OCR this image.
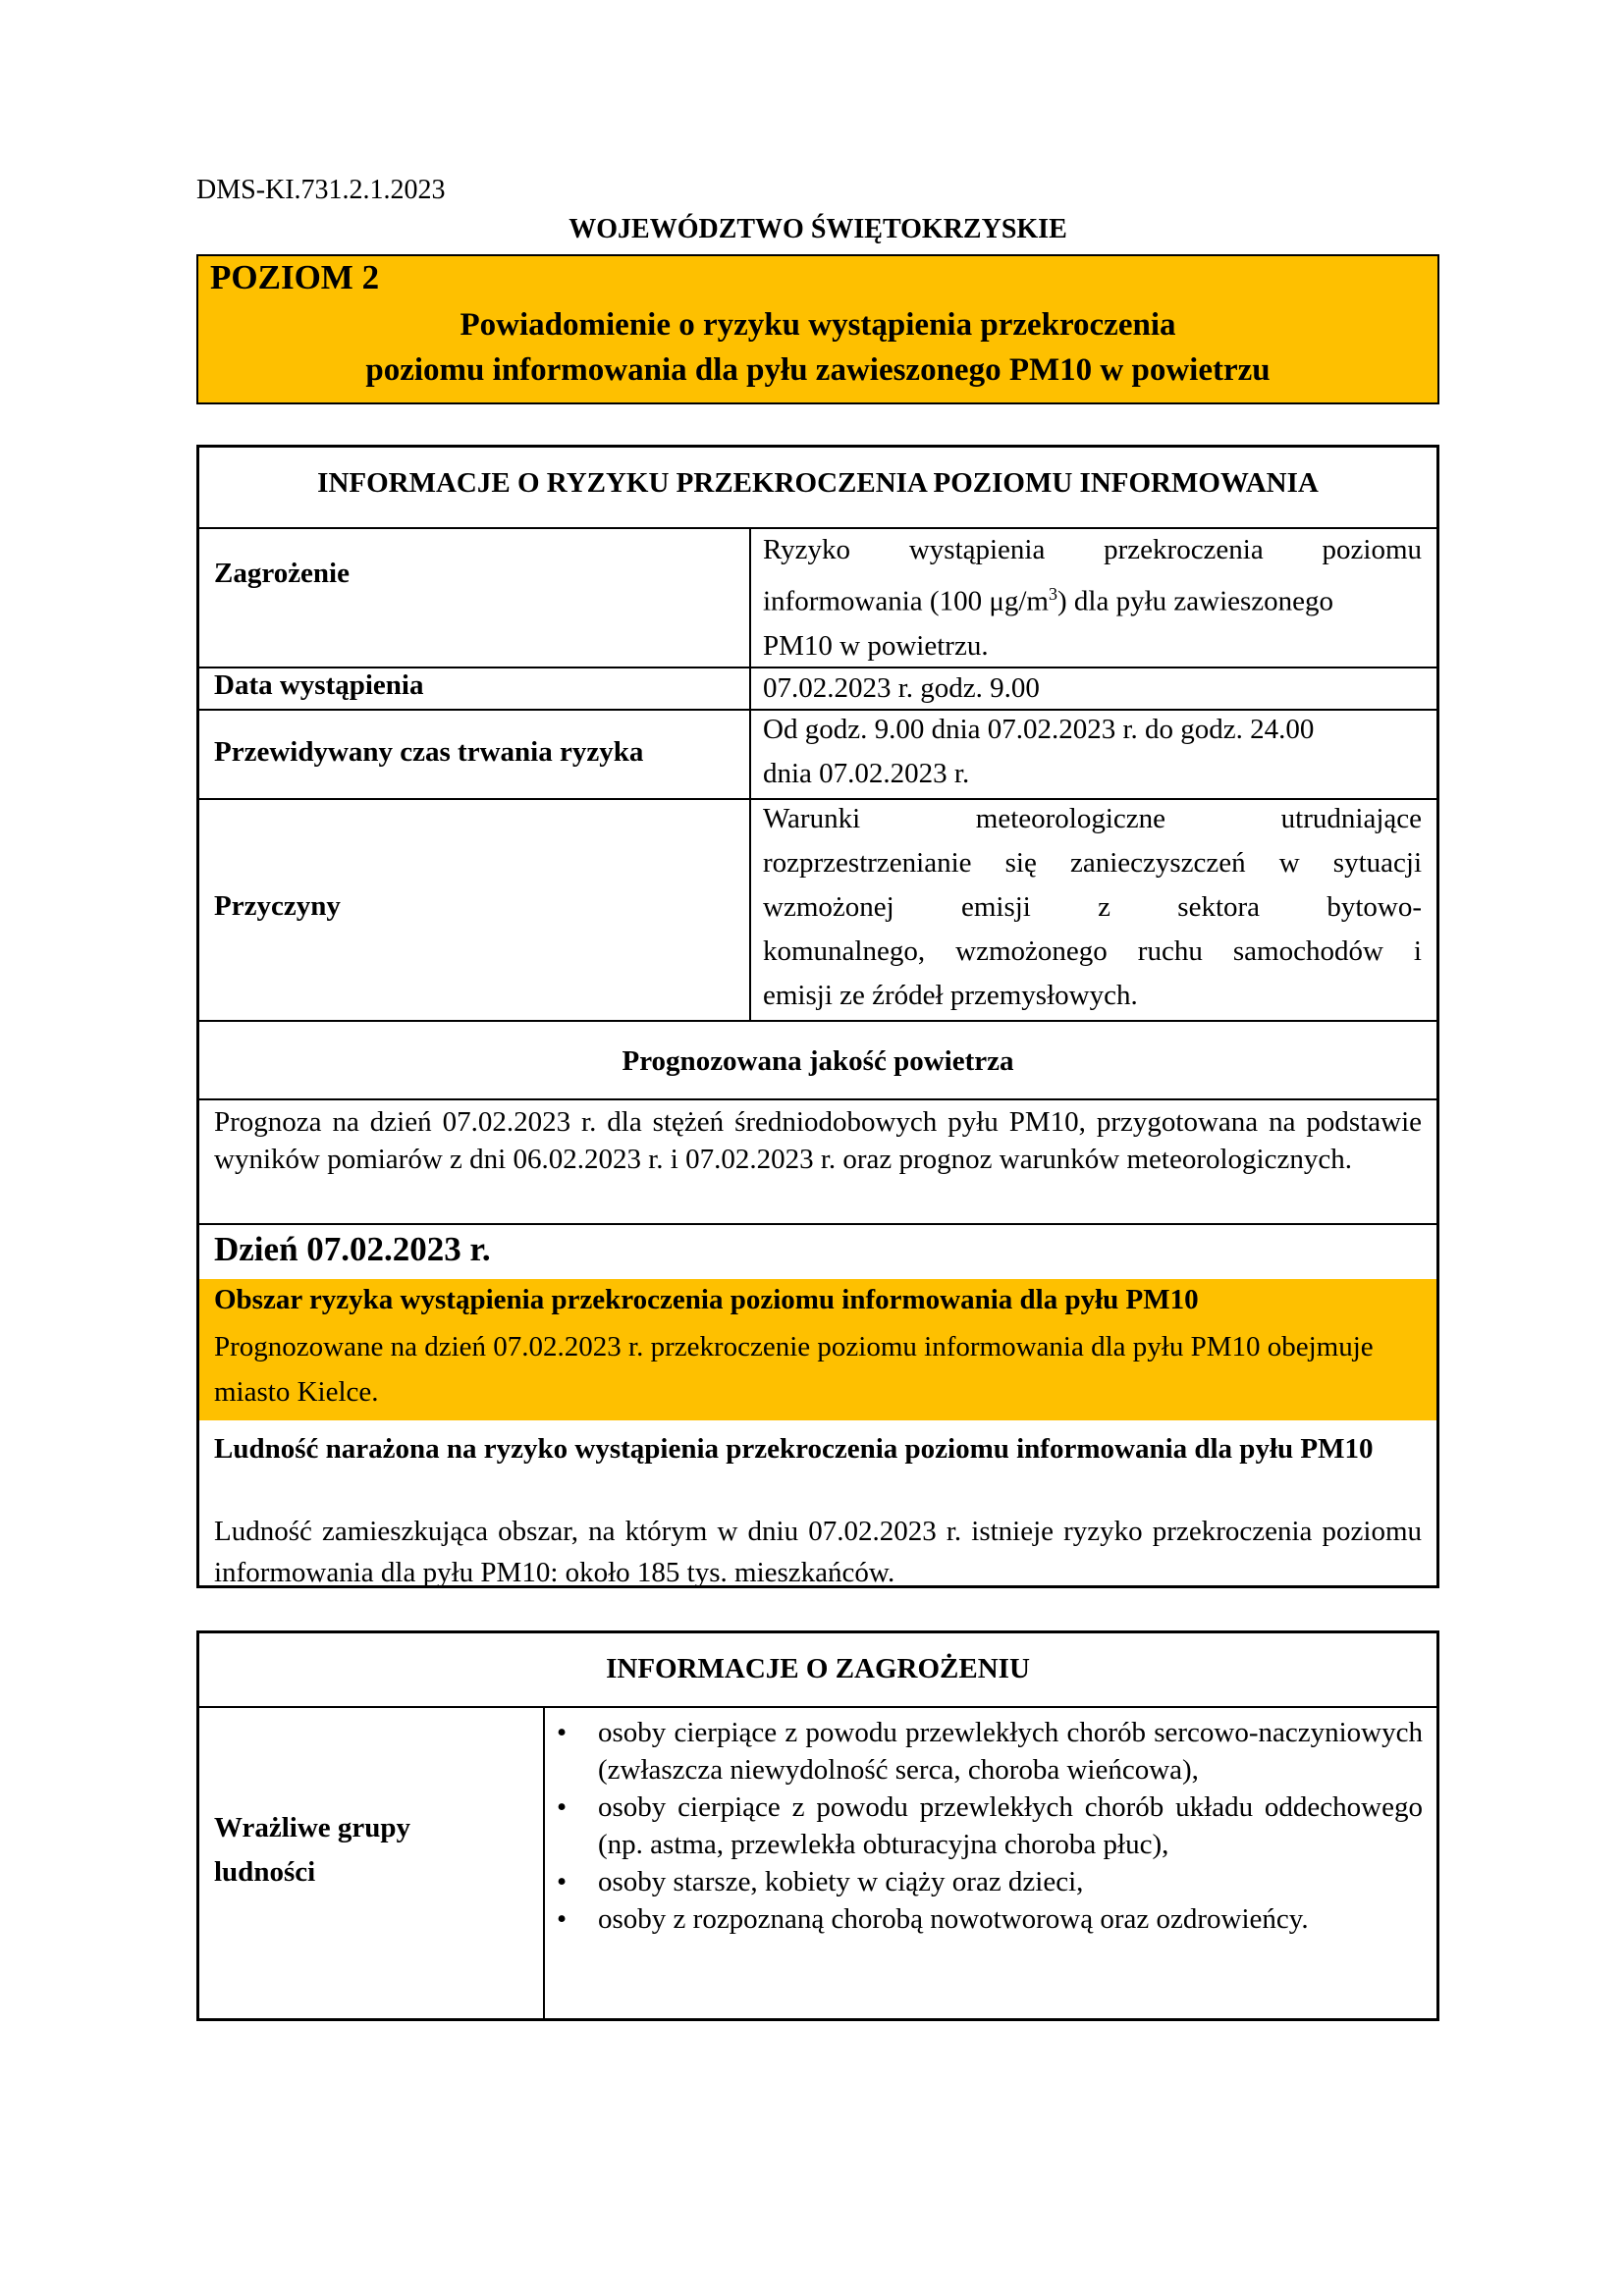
DMS-KI.731.2.1.2023
WOJEWÓDZTWO ŚWIĘTOKRZYSKIE
POZIOM 2
Powiadomienie o ryzyku wystąpienia przekroczenia
poziomu informowania dla pyłu zawieszonego PM10 w powietrzu
INFORMACJE O RYZYKU PRZEKROCZENIA POZIOMU INFORMOWANIA
Zagrożenie
Ryzyko wystąpienia przekroczenia poziomu
informowania (100 $\mu g/m^3$) dla pyłu zawieszonego
PM10 w powietrzu.
Data wystąpienia	07.02.2023 r. godz. 9.00
Przewidywany czas trwania ryzyka
Od godz. 9.00 dnia 07.02.2023 r. do godz. 24.00
dnia 07.02.2023 r.
Przyczyny
Warunki meteorologiczne utrudniające
rozprzestrzenianie się zanieczyszczeń w sytuacji
wzmożonej emisji z sektora bytowo-
komunalnego, wzmożonego ruchu samochodów i
emisji ze źródeł przemysłowych.
Prognozowana jakość powietrza
Prognoza na dzień 07.02.2023 r. dla stężeń średniodobowych pyłu PM10, przygotowana na podstawie wyników pomiarów z dni 06.02.2023 r. i 07.02.2023 r. oraz prognoz warunków meteorologicznych.
Dzień 07.02.2023 r.
Obszar ryzyka wystąpienia przekroczenia poziomu informowania dla pyłu PM10
Prognozowane na dzień 07.02.2023 r. przekroczenie poziomu informowania dla pyłu PM10 obejmuje miasto Kielce.
Ludność narażona na ryzyko wystąpienia przekroczenia poziomu informowania dla pyłu PM10
Ludność zamieszkująca obszar, na którym w dniu 07.02.2023 r. istnieje ryzyko przekroczenia poziomu informowania dla pyłu PM10: około 185 tys. mieszkańców.
INFORMACJE O ZAGROŻENIU
Wrażliwe grupy
ludności
• osoby cierpiące z powodu przewlekłych chorób sercowo-naczyniowych (zwłaszcza niewydolność serca, choroba wieńcowa),
• osoby cierpiące z powodu przewlekłych chorób układu oddechowego (np. astma, przewlekła obturacyjna choroba płuc),
• osoby starsze, kobiety w ciąży oraz dzieci,
• osoby z rozpoznaną chorobą nowotworową oraz ozdrowieńcy.
